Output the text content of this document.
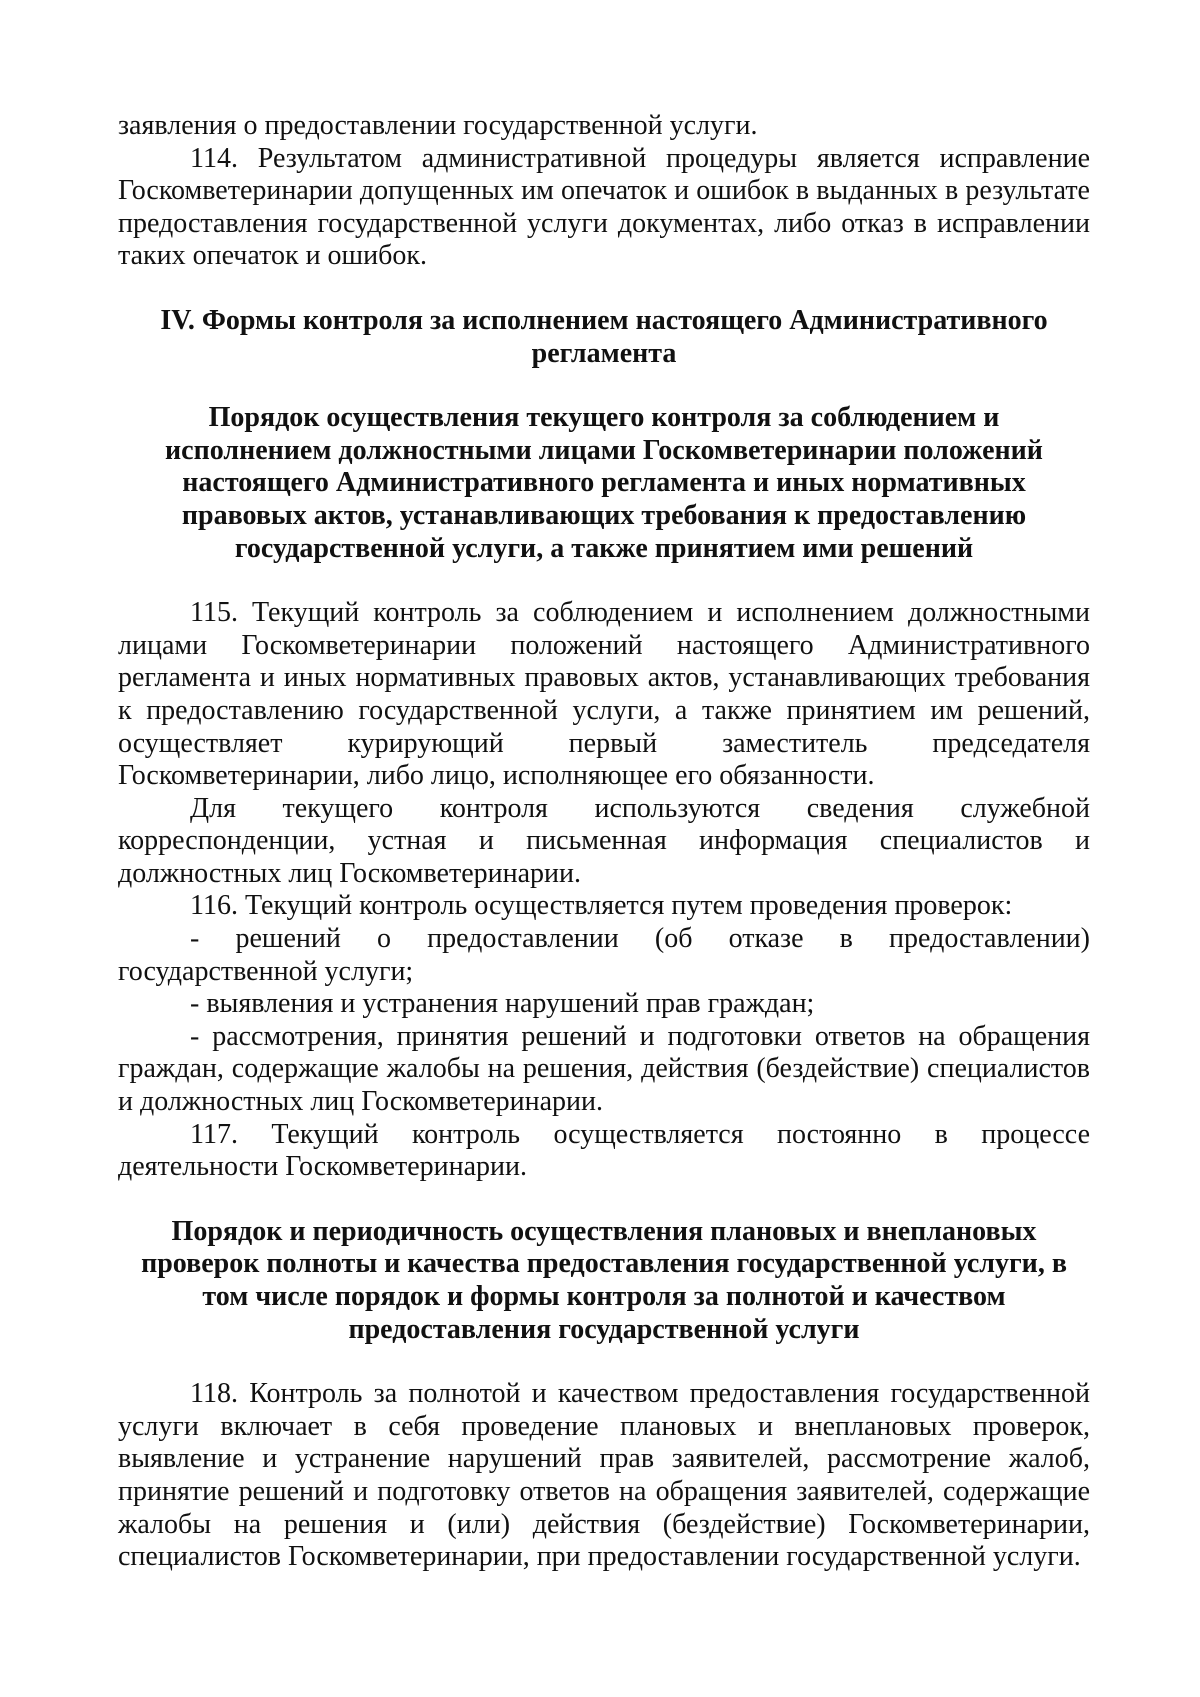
заявления о предоставлении государственной услуги.

114. Результатом административной процедуры является исправление Госкомветеринарии допущенных им опечаток и ошибок в выданных в результате предоставления государственной услуги документах, либо отказ в исправлении таких опечаток и ошибок.

IV. Формы контроля за исполнением настоящего Административного регламента
Порядок осуществления текущего контроля за соблюдением и исполнением должностными лицами Госкомветеринарии положений настоящего Административного регламента и иных нормативных правовых актов, устанавливающих требования к предоставлению государственной услуги, а также принятием ими решений

115. Текущий контроль за соблюдением и исполнением должностными лицами Госкомветеринарии положений настоящего Административного регламента и иных нормативных правовых актов, устанавливающих требования к предоставлению государственной услуги, а также принятием им решений, осуществляет курирующий первый заместитель председателя Госкомветеринарии, либо лицо, исполняющее его обязанности.

Для текущего контроля используются сведения служебной корреспонденции, устная и письменная информация специалистов и должностных лиц Госкомветеринарии.

116. Текущий контроль осуществляется путем проведения проверок:

- решений о предоставлении (об отказе в предоставлении) государственной услуги;

- выявления и устранения нарушений прав граждан;

- рассмотрения, принятия решений и подготовки ответов на обращения граждан, содержащие жалобы на решения, действия (бездействие) специалистов и должностных лиц Госкомветеринарии.

117. Текущий контроль осуществляется постоянно в процессе деятельности Госкомветеринарии.

Порядок и периодичность осуществления плановых и внеплановых проверок полноты и качества предоставления государственной услуги, в том числе порядок и формы контроля за полнотой и качеством предоставления государственной услуги

118. Контроль за полнотой и качеством предоставления государственной услуги включает в себя проведение плановых и внеплановых проверок, выявление и устранение нарушений прав заявителей, рассмотрение жалоб, принятие решений и подготовку ответов на обращения заявителей, содержащие жалобы на решения и (или) действия (бездействие) Госкомветеринарии, специалистов Госкомветеринарии, при предоставлении государственной услуги.
